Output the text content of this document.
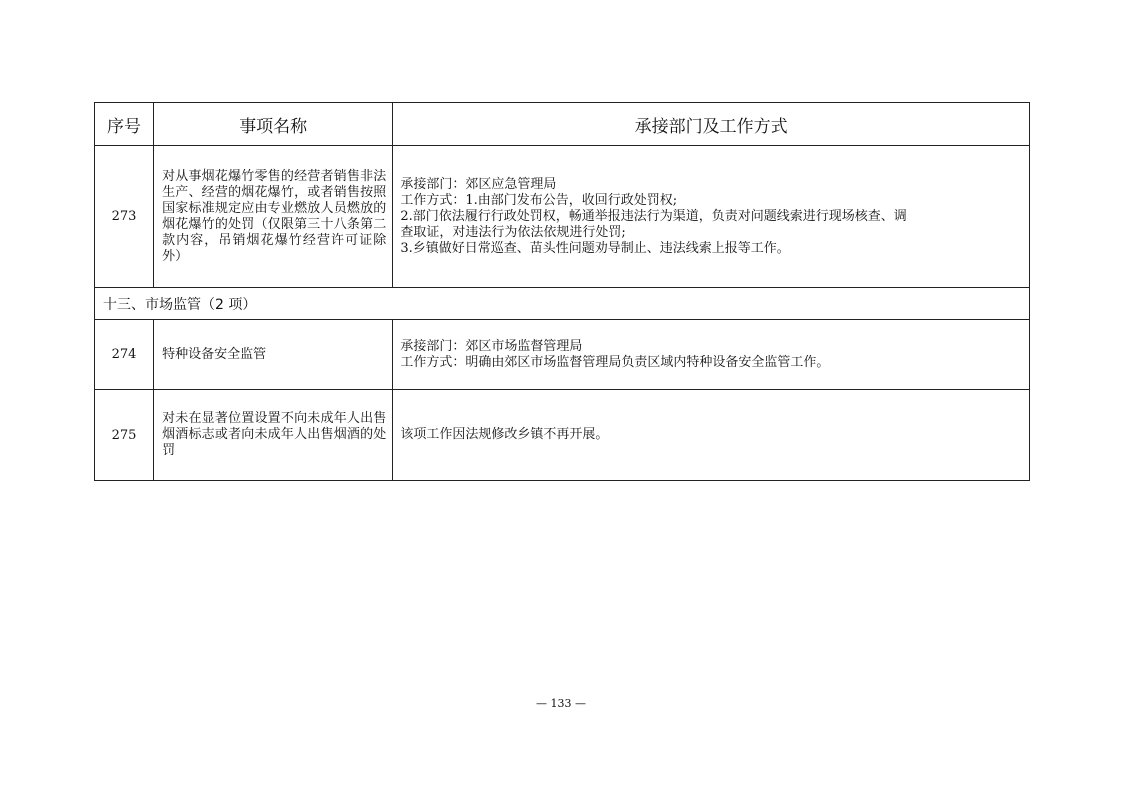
序号	事项名称	承接部门及工作方式
273	对从事烟花爆竹零售的经营者销售非法生产、经营的烟花爆竹，或者销售按照国家标准规定应由专业燃放人员燃放的烟花爆竹的处罚（仅限第三十八条第二款内容，吊销烟花爆竹经营许可证除外）	承接部门：郊区应急管理局
工作方式：1.由部门发布公告，收回行政处罚权;
2.部门依法履行行政处罚权，畅通举报违法行为渠道，负责对问题线索进行现场核查、调
查取证，对违法行为依法依规进行处罚;
3.乡镇做好日常巡查、苗头性问题劝导制止、违法线索上报等工作。

十三、市场监管（2 项）		
274	特种设备安全监管	承接部门：郊区市场监督管理局
工作方式：明确由郊区市场监督管理局负责区域内特种设备安全监管工作。

275	对未在显著位置设置不向未成年人出售烟酒标志或者向未成年人出售烟酒的处罚	该项工作因法规修改乡镇不再开展。
— 133 —
